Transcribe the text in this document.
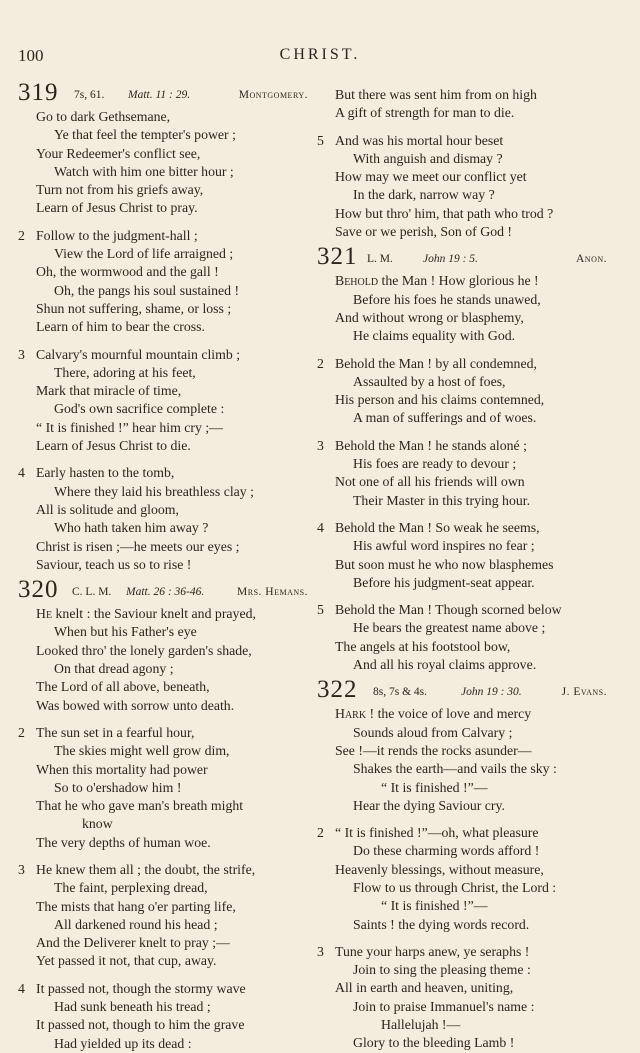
100	CHRIST.
319 7s, 61. Matt. 11 : 29.	Montgomery.
Go to dark Gethsemane,
Ye that feel the tempter's power ;
Your Redeemer's conflict see,
Watch with him one bitter hour ;
Turn not from his griefs away,
Learn of Jesus Christ to pray.
2 Follow to the judgment-hall ;
View the Lord of life arraigned ;
Oh, the wormwood and the gall !
Oh, the pangs his soul sustained !
Shun not suffering, shame, or loss ;
Learn of him to bear the cross.
3 Calvary's mournful mountain climb ;
There, adoring at his feet,
Mark that miracle of time,
God's own sacrifice complete :
“ It is finished !” hear him cry ;—
Learn of Jesus Christ to die.
4 Early hasten to the tomb,
Where they laid his breathless clay ;
All is solitude and gloom,
Who hath taken him away ?
Christ is risen ;—he meets our eyes ;
Saviour, teach us so to rise !
320 C. L. M. Matt. 26 : 36-46.	Mrs. Hemans.
He knelt : the Saviour knelt and prayed,
When but his Father's eye
Looked thro' the lonely garden's shade,
On that dread agony ;
The Lord of all above, beneath,
Was bowed with sorrow unto death.
2 The sun set in a fearful hour,
The skies might well grow dim,
When this mortality had power
So to o'ershadow him !
That he who gave man's breath might
know
The very depths of human woe.
3 He knew them all ; the doubt, the strife,
The faint, perplexing dread,
The mists that hang o'er parting life,
All darkened round his head ;
And the Deliverer knelt to pray ;—
Yet passed it not, that cup, away.
4 It passed not, though the stormy wave
Had sunk beneath his tread ;
It passed not, though to him the grave
Had yielded up its dead :
But there was sent him from on high
A gift of strength for man to die.
5 And was his mortal hour beset
With anguish and dismay ?
How may we meet our conflict yet
In the dark, narrow way ?
How but thro' him, that path who trod ?
Save or we perish, Son of God !
321 L. M.	John 19 : 5.	Anon.
Behold the Man ! How glorious he !
Before his foes he stands unawed,
And without wrong or blasphemy,
He claims equality with God.
2 Behold the Man ! by all condemned,
Assaulted by a host of foes,
His person and his claims contemned,
A man of sufferings and of woes.
3 Behold the Man ! he stands aloné ;
His foes are ready to devour ;
Not one of all his friends will own
Their Master in this trying hour.
4 Behold the Man ! So weak he seems,
His awful word inspires no fear ;
But soon must he who now blasphemes
Before his judgment-seat appear.
5 Behold the Man ! Though scorned below
He bears the greatest name above ;
The angels at his footstool bow,
And all his royal claims approve.
322 8s, 7s & 4s.	John 19 : 30.	J. Evans.
Hark ! the voice of love and mercy
Sounds aloud from Calvary ;
See !—it rends the rocks asunder—
Shakes the earth—and vails the sky :
“ It is finished !”—
Hear the dying Saviour cry.
2 “ It is finished !”—oh, what pleasure
Do these charming words afford !
Heavenly blessings, without measure,
Flow to us through Christ, the Lord :
“ It is finished !”—
Saints ! the dying words record.
3 Tune your harps anew, ye seraphs !
Join to sing the pleasing theme :
All in earth and heaven, uniting,
Join to praise Immanuel's name :
Hallelujah !—
Glory to the bleeding Lamb !
